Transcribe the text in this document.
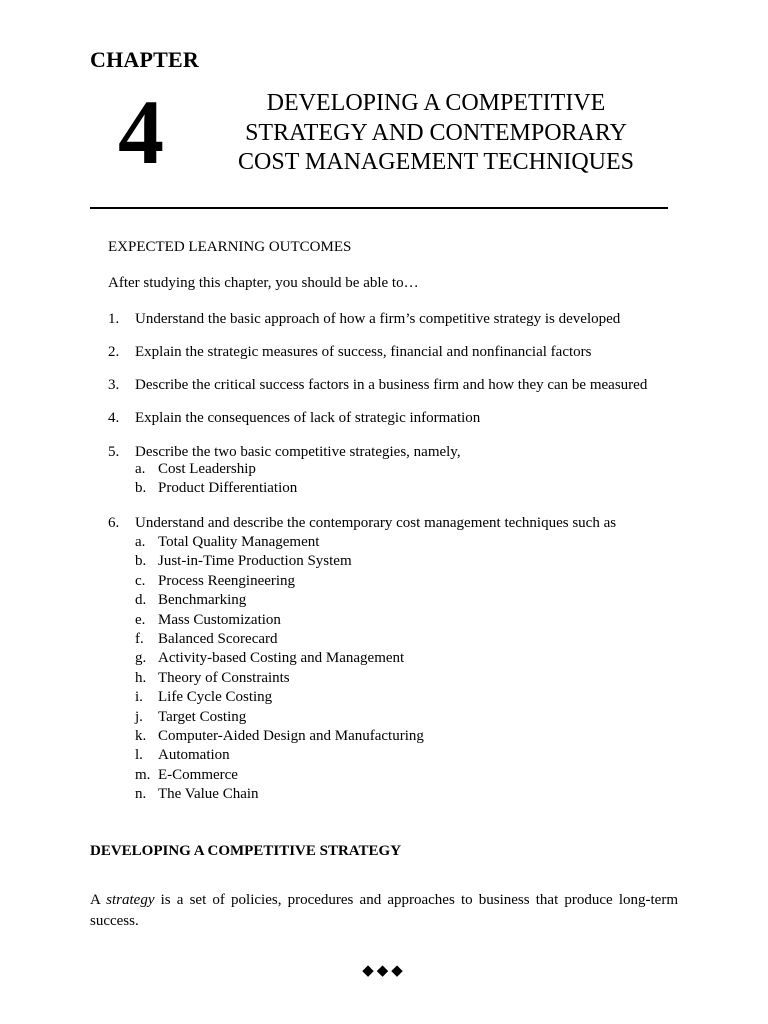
CHAPTER
4	DEVELOPING A COMPETITIVE
STRATEGY AND CONTEMPORARY
COST MANAGEMENT TECHNIQUES
EXPECTED LEARNING OUTCOMES
After studying this chapter, you should be able to…
1. Understand the basic approach of how a firm’s competitive strategy is developed
2. Explain the strategic measures of success, financial and nonfinancial factors
3. Describe the critical success factors in a business firm and how they can be measured
4. Explain the consequences of lack of strategic information
5. Describe the two basic competitive strategies, namely,
a. Cost Leadership
b. Product Differentiation
6. Understand and describe the contemporary cost management techniques such as
a. Total Quality Management
b. Just-in-Time Production System
c. Process Reengineering
d. Benchmarking
e. Mass Customization
f. Balanced Scorecard
g. Activity-based Costing and Management
h. Theory of Constraints
i. Life Cycle Costing
j. Target Costing
k. Computer-Aided Design and Manufacturing
l. Automation
m. E-Commerce
n. The Value Chain
DEVELOPING A COMPETITIVE STRATEGY
A strategy is a set of policies, procedures and approaches to business that produce long-term success.
◆◆◆
